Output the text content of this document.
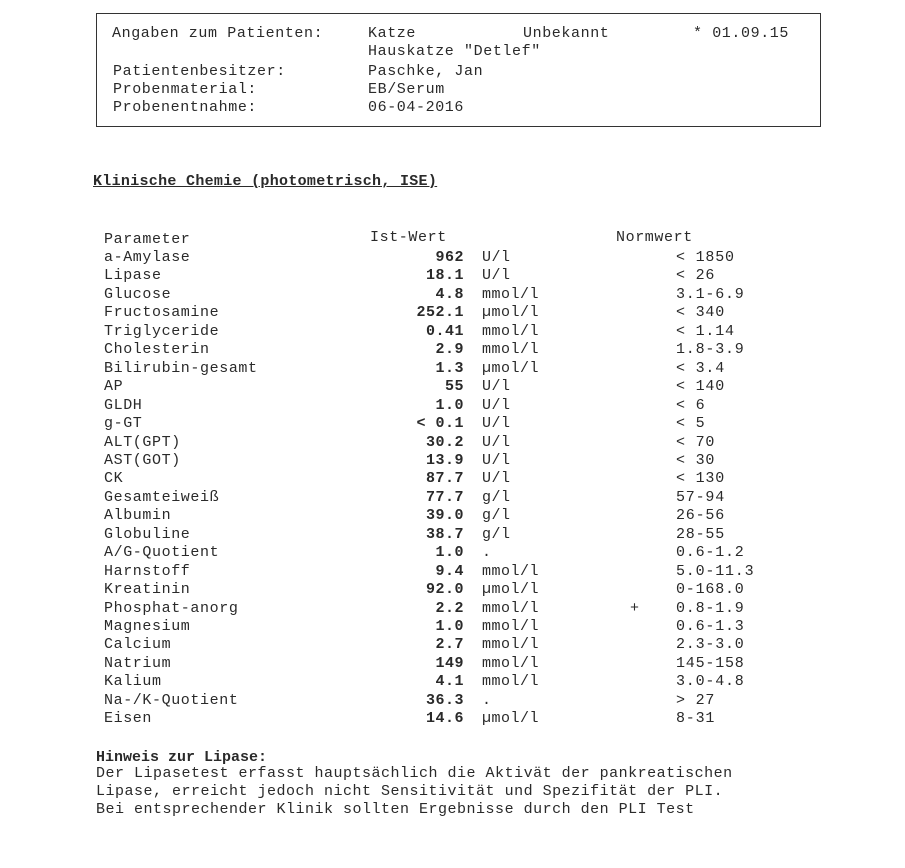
Angaben zum Patienten:	Katze	Unbekannt	* 01.09.15
Hauskatze "Detlef"
Patientenbesitzer:	Paschke, Jan
Probenmaterial:	EB/Serum
Probenentnahme:	06-04-2016
Klinische Chemie (photometrisch, ISE)
Parameter	Ist-Wert	Normwert
a-Amylase	962 U/l	< 1850
Lipase	18.1 U/l	< 26
Glucose	4.8 mmol/l	3.1-6.9
Fructosamine	252.1 µmol/l	< 340
Triglyceride	0.41 mmol/l	< 1.14
Cholesterin	2.9 mmol/l	1.8-3.9
Bilirubin-gesamt	1.3 µmol/l	< 3.4
AP	55 U/l	< 140
GLDH	1.0 U/l	< 6
g-GT	< 0.1 U/l	< 5
ALT(GPT)	30.2 U/l	< 70
AST(GOT)	13.9 U/l	< 30
CK	87.7 U/l	< 130
Gesamteiweiß	77.7 g/l	57-94
Albumin	39.0 g/l	26-56
Globuline	38.7 g/l	28-55
A/G-Quotient	1.0 .	0.6-1.2
Harnstoff	9.4 mmol/l	5.0-11.3
Kreatinin	92.0 µmol/l	0-168.0
Phosphat-anorg	2.2 mmol/l	+ 0.8-1.9
Magnesium	1.0 mmol/l	0.6-1.3
Calcium	2.7 mmol/l	2.3-3.0
Natrium	149 mmol/l	145-158
Kalium	4.1 mmol/l	3.0-4.8
Na-/K-Quotient	36.3 .	> 27
Eisen	14.6 µmol/l	8-31
Hinweis zur Lipase:
Der Lipasetest erfasst hauptsächlich die Aktivät der pankreatischen
Lipase, erreicht jedoch nicht Sensitivität und Spezifität der PLI.
Bei entsprechender Klinik sollten Ergebnisse durch den PLI Test
